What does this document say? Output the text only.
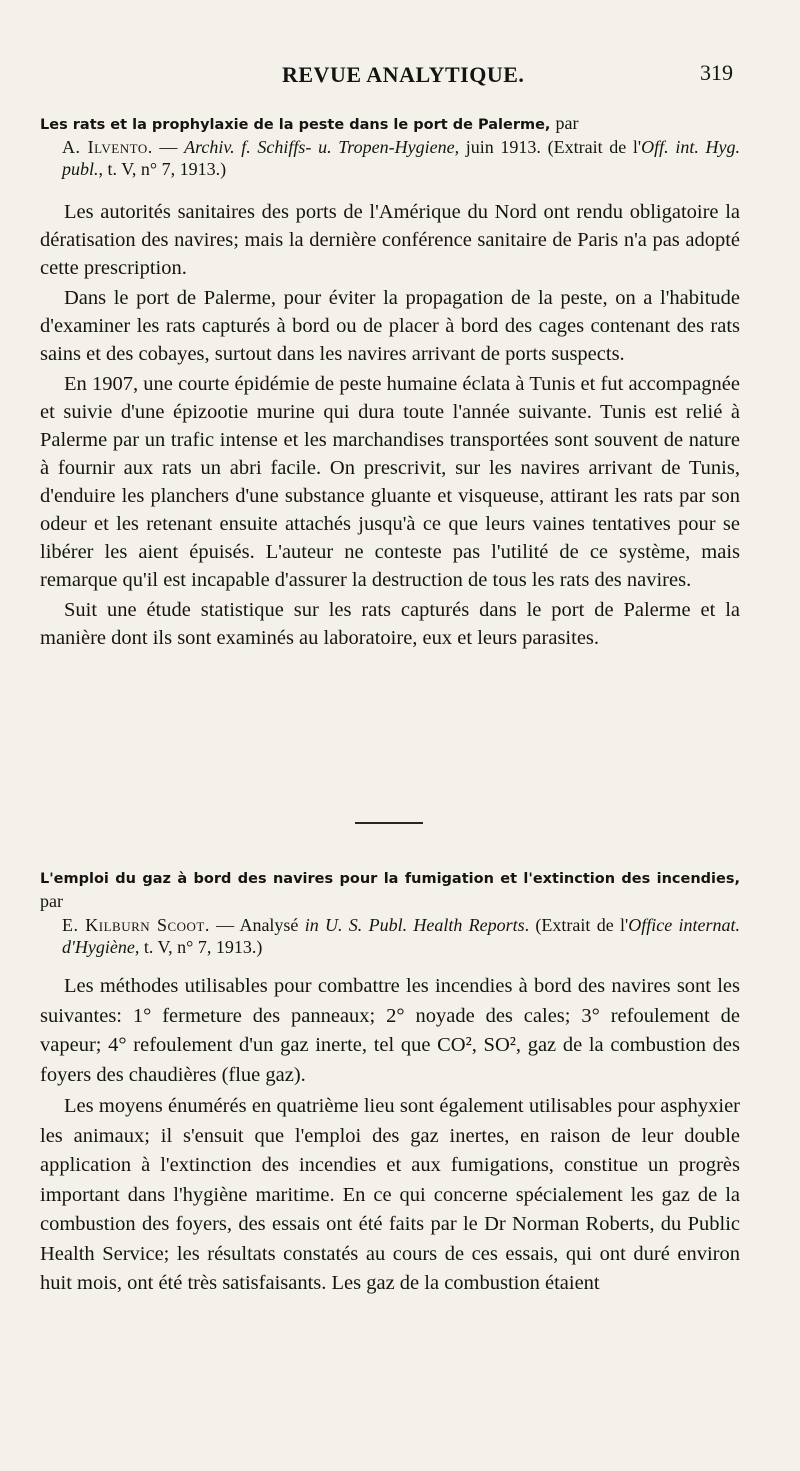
REVUE ANALYTIQUE.	319

Les rats et la prophylaxie de la peste dans le port de Palerme, par

A. Ilvento. — Archiv. f. Schiffs- u. Tropen-Hygiene, juin 1913. (Extrait de l'Off. int. Hyg. publ., t. V, n° 7, 1913.)

Les autorités sanitaires des ports de l'Amérique du Nord ont rendu obligatoire la dératisation des navires; mais la dernière conférence sanitaire de Paris n'a pas adopté cette prescription.

Dans le port de Palerme, pour éviter la propagation de la peste, on a l'habitude d'examiner les rats capturés à bord ou de placer à bord des cages contenant des rats sains et des cobayes, surtout dans les navires arrivant de ports suspects.

En 1907, une courte épidémie de peste humaine éclata à Tunis et fut accompagnée et suivie d'une épizootie murine qui dura toute l'année suivante. Tunis est relié à Palerme par un trafic intense et les marchandises transportées sont souvent de nature à fournir aux rats un abri facile. On prescrivit, sur les navires arrivant de Tunis, d'enduire les planchers d'une substance gluante et visqueuse, attirant les rats par son odeur et les retenant ensuite attachés jusqu'à ce que leurs vaines tentatives pour se libérer les aient épuisés. L'auteur ne conteste pas l'utilité de ce système, mais remarque qu'il est incapable d'assurer la destruction de tous les rats des navires.

Suit une étude statistique sur les rats capturés dans le port de Palerme et la manière dont ils sont examinés au laboratoire, eux et leurs parasites.

L'emploi du gaz à bord des navires pour la fumigation et l'extinction des incendies, par

E. Kilburn Scoot. — Analysé in U. S. Publ. Health Reports. (Extrait de l'Office internat. d'Hygiène, t. V, n° 7, 1913.)

Les méthodes utilisables pour combattre les incendies à bord des navires sont les suivantes: 1° fermeture des panneaux; 2° noyade des cales; 3° refoulement de vapeur; 4° refoulement d'un gaz inerte, tel que CO², SO², gaz de la combustion des foyers des chaudières (flue gaz).

Les moyens énumérés en quatrième lieu sont également utilisables pour asphyxier les animaux; il s'ensuit que l'emploi des gaz inertes, en raison de leur double application à l'extinction des incendies et aux fumigations, constitue un progrès important dans l'hygiène maritime. En ce qui concerne spécialement les gaz de la combustion des foyers, des essais ont été faits par le Dr Norman Roberts, du Public Health Service; les résultats constatés au cours de ces essais, qui ont duré environ huit mois, ont été très satisfaisants. Les gaz de la combustion étaient
